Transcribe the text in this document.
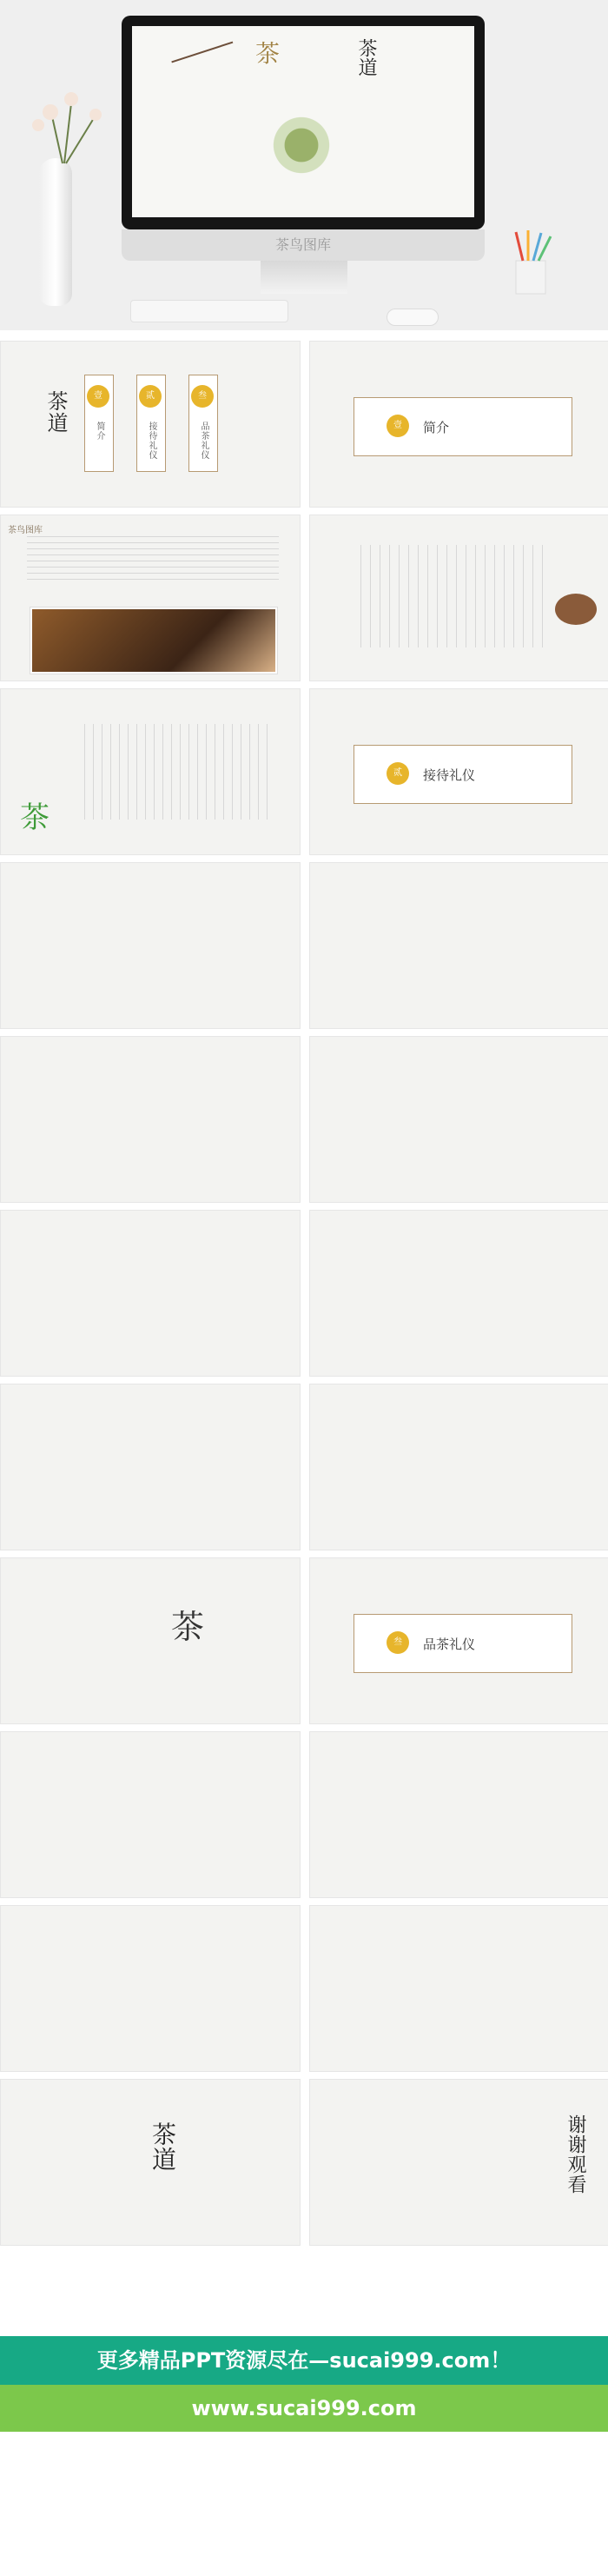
茶	茶道
茶鸟图库
茶道	壹	贰	叁
简介	接待礼仪	品茶礼仪	壹	简介
茶鸟图库
茶
贰	接待礼仪
茶	叁	品茶礼仪
茶道	谢谢观看
更多精品PPT资源尽在—sucai999.com！
www.sucai999.com
